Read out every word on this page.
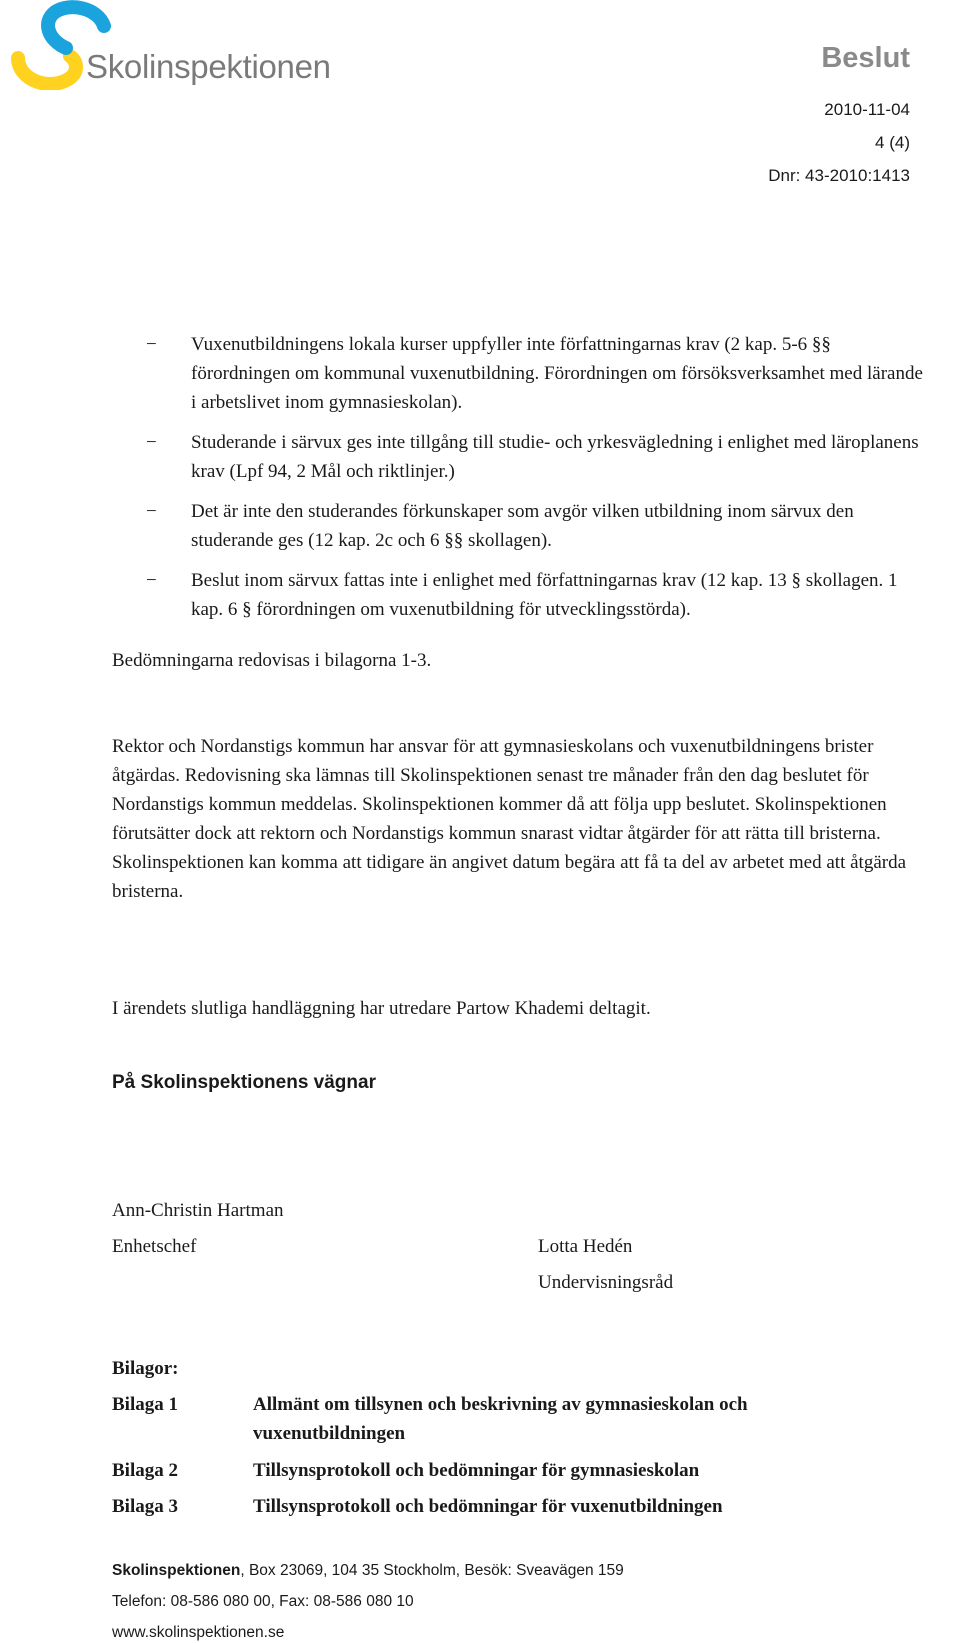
Skolinspektionen	Beslut
2010-11-04
4 (4)
Dnr: 43-2010:1413
− Vuxenutbildningens lokala kurser uppfyller inte författningarnas krav (2 kap. 5-6 §§ förordningen om kommunal vuxenutbildning. Förordningen om försöksverksamhet med lärande i arbetslivet inom gymnasieskolan).
− Studerande i särvux ges inte tillgång till studie- och yrkesvägledning i enlighet med läroplanens krav (Lpf 94, 2 Mål och riktlinjer.)
− Det är inte den studerandes förkunskaper som avgör vilken utbildning inom särvux den studerande ges (12 kap. 2c och 6 §§ skollagen).
− Beslut inom särvux fattas inte i enlighet med författningarnas krav (12 kap. 13 § skollagen. 1 kap. 6 § förordningen om vuxenutbildning för utvecklingsstörda).
Bedömningarna redovisas i bilagorna 1-3.
Rektor och Nordanstigs kommun har ansvar för att gymnasieskolans och vuxenutbildningens brister åtgärdas. Redovisning ska lämnas till Skolinspektionen senast tre månader från den dag beslutet för Nordanstigs kommun meddelas. Skolinspektionen kommer då att följa upp beslutet. Skolinspektionen förutsätter dock att rektorn och Nordanstigs kommun snarast vidtar åtgärder för att rätta till bristerna. Skolinspektionen kan komma att tidigare än angivet datum begära att få ta del av arbetet med att åtgärda bristerna.
I ärendets slutliga handläggning har utredare Partow Khademi deltagit.
På Skolinspektionens vägnar
Ann-Christin Hartman
Enhetschef	Lotta Hedén
Undervisningsråd
Bilagor:
Bilaga 1	Allmänt om tillsynen och beskrivning av gymnasieskolan och vuxenutbildningen
Bilaga 2	Tillsynsprotokoll och bedömningar för gymnasieskolan
Bilaga 3	Tillsynsprotokoll och bedömningar för vuxenutbildningen
Skolinspektionen, Box 23069, 104 35 Stockholm, Besök: Sveavägen 159
Telefon: 08-586 080 00, Fax: 08-586 080 10
www.skolinspektionen.se
